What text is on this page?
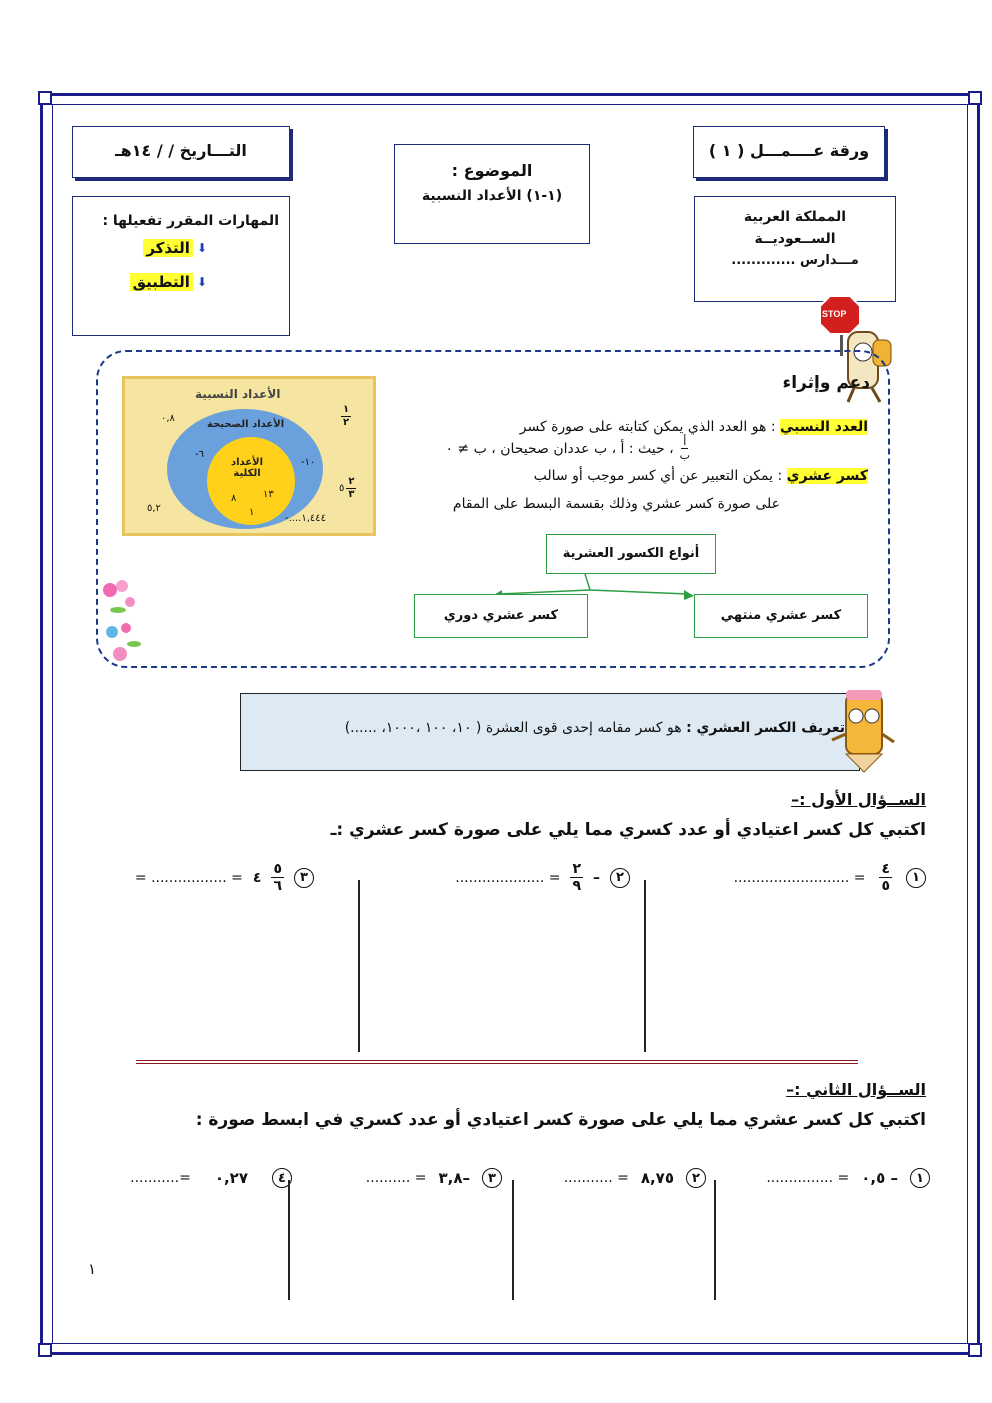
ورقة عــــمـــل ( ١ )
التـــاريخ / / ١٤هـ
الموضوع :
(١-١) الأعداد النسبية
المملكة العربية
الســعوديــة
مـــدارس .............
المهارات المقرر تفعيلها :
⬇
التذكر
⬇
التطبيق
STOP
دعم وإثراء
العدد النسبي : هو العدد الذي يمكن كتابته على صورة كسر
$\frac{\text{أ}}{\text{ب}}$
، حيث : أ ، ب عددان صحيحان ، ب ≠ ٠
كسر عشري : يمكن التعبير عن أي كسر موجب أو سالب
على صورة كسر عشري وذلك بقسمة البسط على المقام
أنواع الكسور العشرية
كسر عشري منتهي
كسر عشري دوري
الأعداد النسبية
الأعداد الصحيحة
الأعداد
الكلية
١
٢
٠,٨
٦-
١٠-
١٣
٨
١
$\frac{٢}{٣}$
٥
٥,٢
١,٤٤٤....-
تعريف الكسر العشري : هو كسر مقامه إحدى قوى العشرة ( ١٠، ١٠٠ ،١٠٠٠، ......)
الســؤال الأول :–
اكتبي كل كسر اعتيادي أو عدد كسري مما يلي على صورة كسر عشري :ـ
١
$\frac{٤}{٥}$
= ..........................
٢
–
$\frac{٢}{٩}$
= ....................
٣
$\frac{٥}{٦}$
٤
= ................. =
الســؤال الثاني :–
اكتبي كل كسر عشري مما يلي على صورة كسر اعتيادي أو عدد كسري في ابسط صورة :
١
– ٠,٥
= ...............
٢
٨,٧٥
= ...........
٣
–٣,٨
= ..........
٤
٠,٢٧
=...........
١
